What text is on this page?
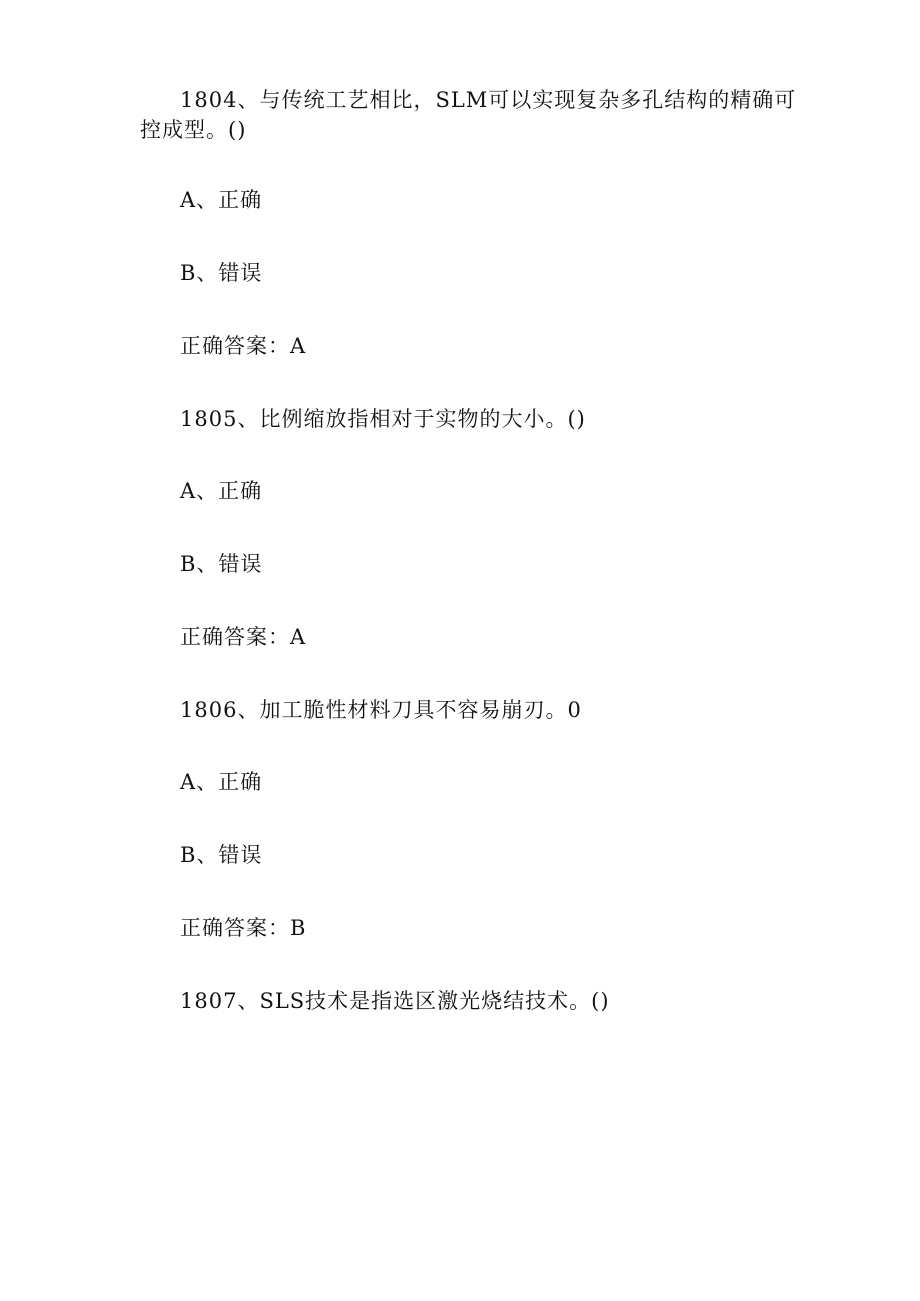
1804、与传统工艺相比，SLM可以实现复杂多孔结构的精确可控成型。()

A、正确

B、错误

正确答案：A

1805、比例缩放指相对于实物的大小。()

A、正确

B、错误

正确答案：A

1806、加工脆性材料刀具不容易崩刃。0

A、正确

B、错误

正确答案：B

1807、SLS技术是指选区激光烧结技术。()
